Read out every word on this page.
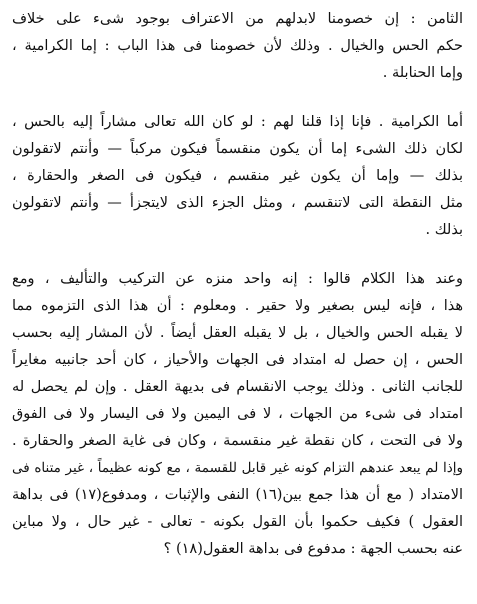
الثامن : إن خصومنا لابدلهم من الاعتراف بوجود شىء على خلاف
حكم الحس والخيال . وذلك لأن خصومنا فى هذا الباب : إما الكرامية ،
وإما الحنابلة .
أما الكرامية . فإنا إذا قلنا لهم : لو كان الله تعالى مشاراً إليه بالحس ،
لكان ذلك الشىء إما أن يكون منقسماً فيكون مركباً — وأنتم لاتقولون
بذلك — وإما أن يكون غير منقسم ، فيكون فى الصغر والحقارة ،
مثل النقطة التى لاتنقسم ، ومثل الجزء الذى لايتجزأ — وأنتم لاتقولون
بذلك .
وعند هذا الكلام قالوا : إنه واحد منزه عن التركيب والتأليف ، ومع
هذا ، فإنه ليس بصغير ولا حقير . ومعلوم : أن هذا الذى التزموه مما
لا يقبله الحس والخيال ، بل لا يقبله العقل أيضاً . لأن المشار إليه بحسب
الحس ، إن حصل له امتداد فى الجهات والأحياز ، كان أحد جانبيه مغايراً
للجانب الثانى . وذلك يوجب الانقسام فى بديهة العقل . وإن لم يحصل له
امتداد فى شىء من الجهات ، لا فى اليمين ولا فى اليسار ولا فى الفوق
ولا فى التحت ، كان نقطة غير منقسمة ، وكان فى غاية الصغر والحقارة .
وإذا لم يبعد عندهم التزام كونه غير قابل للقسمة ، مع كونه عظيماً ، غير متناه فى
الامتداد ( مع أن هذا جمع بين(١٦) النفى والإثبات ، ومدفوع(١٧) فى بداهة
العقول ) فكيف حكموا بأن القول بكونه - تعالى - غير حال ، ولا مباين
عنه بحسب الجهة : مدفوع فى بداهة العقول(١٨) ؟
